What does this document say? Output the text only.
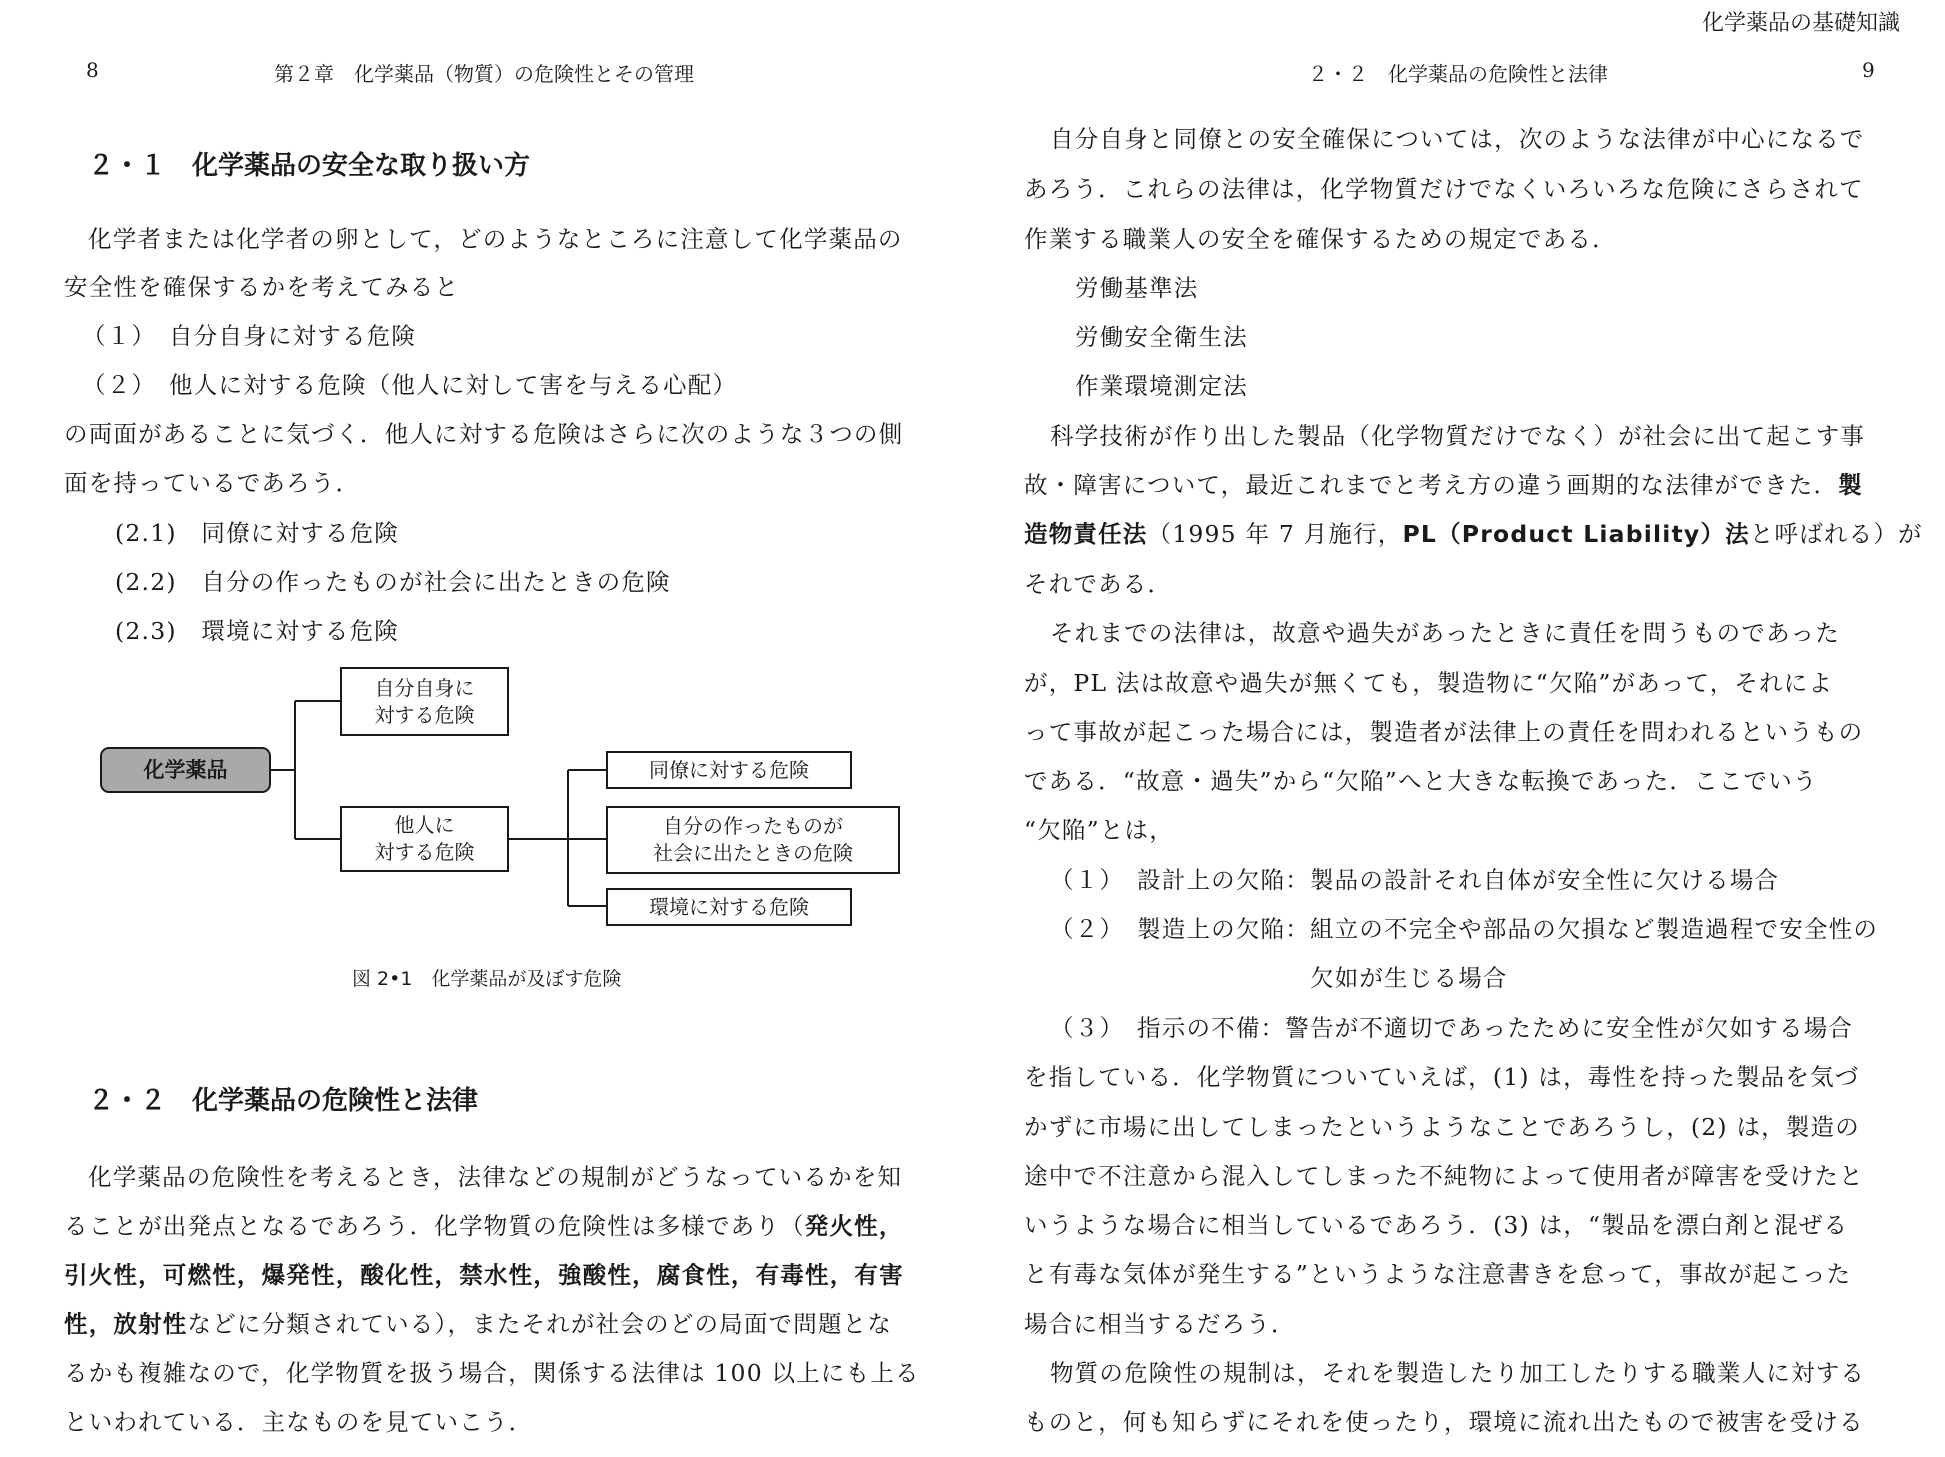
化学薬品の基礎知識
8	第２章　化学薬品（物質）の危険性とその管理
２・１　化学薬品の安全な取り扱い方
化学者または化学者の卵として，どのようなところに注意して化学薬品の
安全性を確保するかを考えてみると
（１）　自分自身に対する危険
（２）　他人に対する危険（他人に対して害を与える心配）
の両面があることに気づく．他人に対する危険はさらに次のような３つの側
面を持っているであろう．
(2.1)　同僚に対する危険
(2.2)　自分の作ったものが社会に出たときの危険
(2.3)　環境に対する危険
化学薬品
自分自身に
対する危険
他人に
対する危険
同僚に対する危険
自分の作ったものが
社会に出たときの危険
環境に対する危険
図 2•1　化学薬品が及ぼす危険
２・２　化学薬品の危険性と法律
化学薬品の危険性を考えるとき，法律などの規制がどうなっているかを知
ることが出発点となるであろう．化学物質の危険性は多様であり（発火性，
引火性，可燃性，爆発性，酸化性，禁水性，強酸性，腐食性，有毒性，有害
性，放射性などに分類されている），またそれが社会のどの局面で問題とな
るかも複雑なので，化学物質を扱う場合，関係する法律は 100 以上にも上る
といわれている．主なものを見ていこう．
２・２　化学薬品の危険性と法律	9
自分自身と同僚との安全確保については，次のような法律が中心になるで
あろう．これらの法律は，化学物質だけでなくいろいろな危険にさらされて
作業する職業人の安全を確保するための規定である．
労働基準法
労働安全衛生法
作業環境測定法
科学技術が作り出した製品（化学物質だけでなく）が社会に出て起こす事
故・障害について，最近これまでと考え方の違う画期的な法律ができた．製
造物責任法（1995 年 7 月施行，PL（Product Liability）法と呼ばれる）が
それである．
それまでの法律は，故意や過失があったときに責任を問うものであった
が，PL 法は故意や過失が無くても，製造物に“欠陥”があって，それによ
って事故が起こった場合には，製造者が法律上の責任を問われるというもの
である．“故意・過失”から“欠陥”へと大きな転換であった．ここでいう
“欠陥”とは，
（１）　設計上の欠陥：製品の設計それ自体が安全性に欠ける場合
（２）　製造上の欠陥：組立の不完全や部品の欠損など製造過程で安全性の
欠如が生じる場合
（３）　指示の不備：警告が不適切であったために安全性が欠如する場合
を指している．化学物質についていえば，(1) は，毒性を持った製品を気づ
かずに市場に出してしまったというようなことであろうし，(2) は，製造の
途中で不注意から混入してしまった不純物によって使用者が障害を受けたと
いうような場合に相当しているであろう．(3) は，“製品を漂白剤と混ぜる
と有毒な気体が発生する”というような注意書きを怠って，事故が起こった
場合に相当するだろう．
物質の危険性の規制は，それを製造したり加工したりする職業人に対する
ものと，何も知らずにそれを使ったり，環境に流れ出たもので被害を受ける
